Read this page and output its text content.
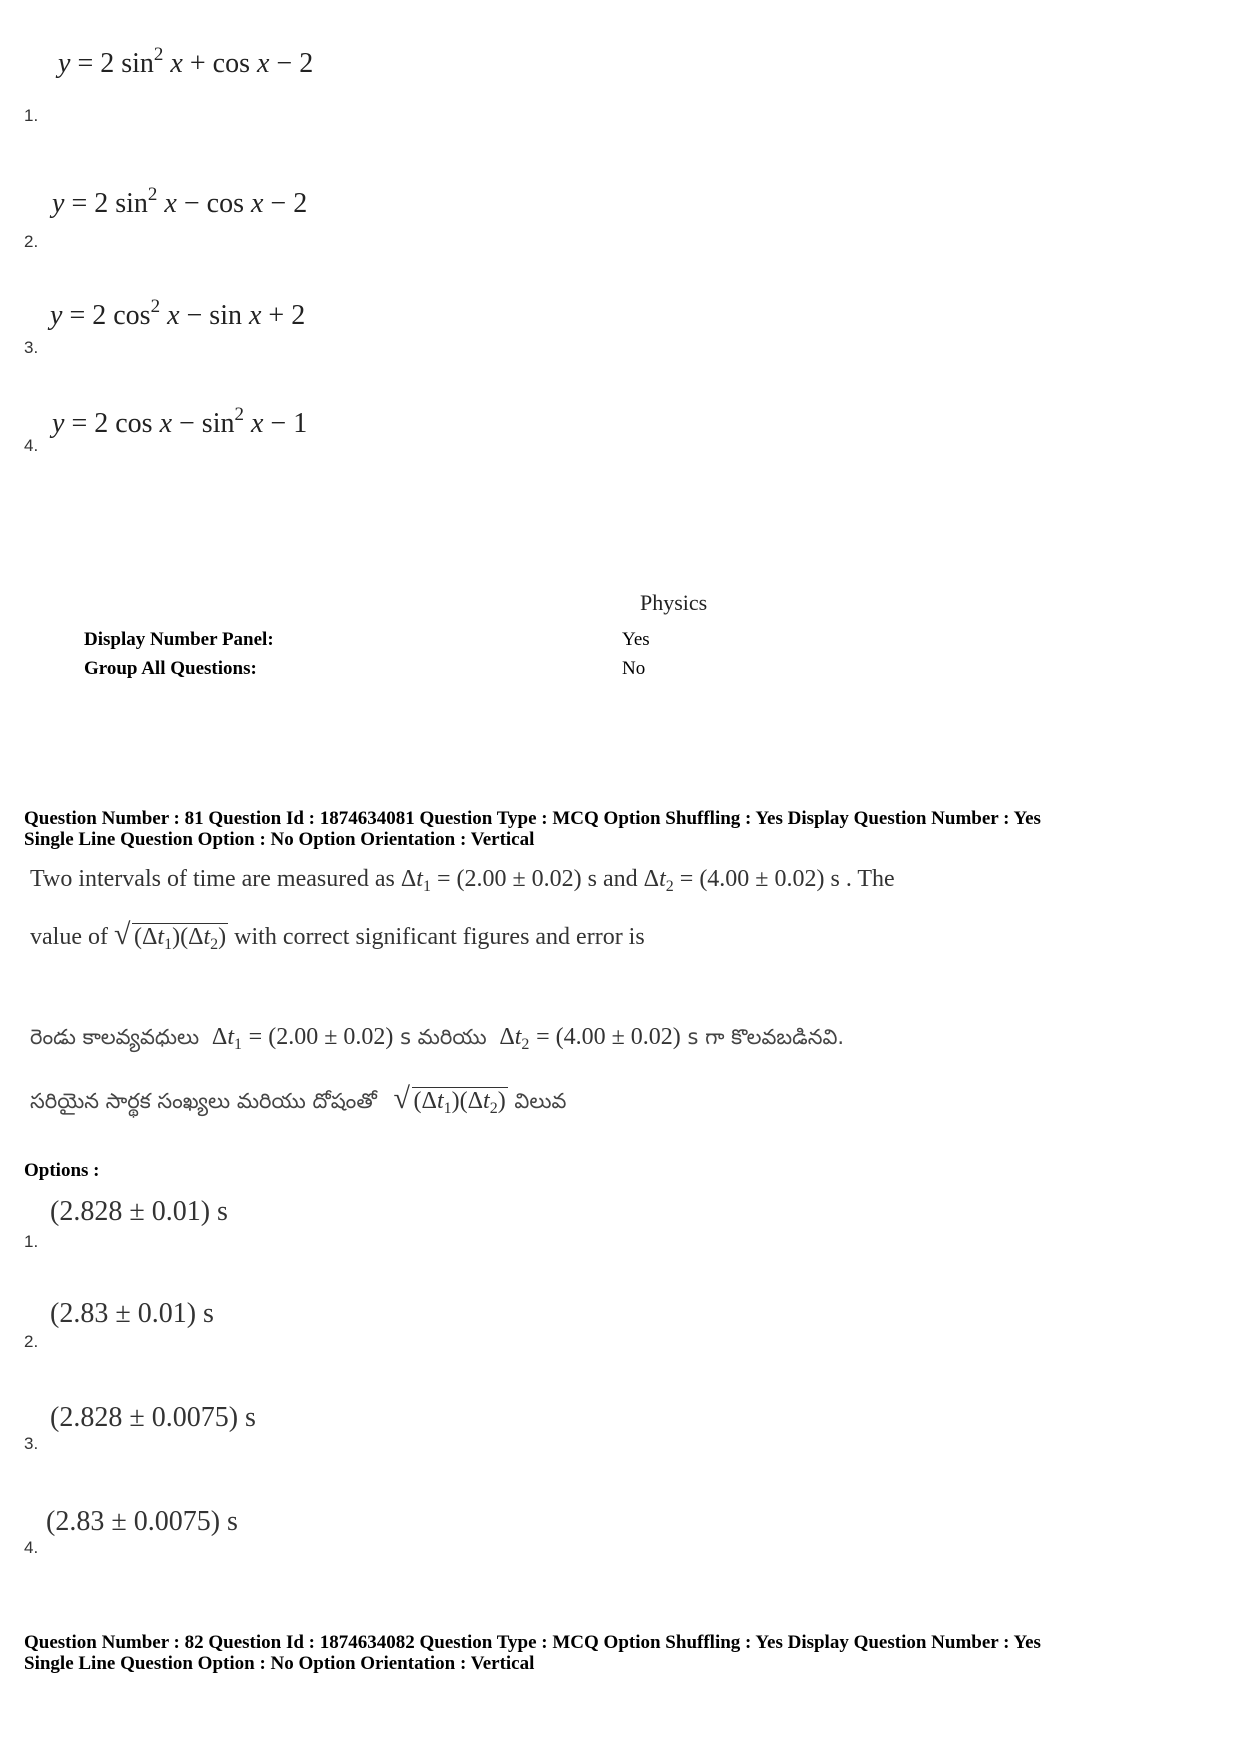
y = 2 $\sin^2 x + \cos x - 2$
1.
y = 2 $\sin^2 x - \cos x - 2$
2.
y = 2 $\cos^2 x - \sin x + 2$
3.
y = 2 $\cos x - \sin^2 x - 1$
4.
Physics
Display Number Panel:	Yes
Group All Questions:	No
Question Number : 81 Question Id : 1874634081 Question Type : MCQ Option Shuffling : Yes Display Question Number : Yes
Single Line Question Option : No Option Orientation : Vertical
Two intervals of time are measured as $\Delta t_1 = (2.00 \pm 0.02)$ s and $\Delta t_2 = (4.00 \pm 0.02)$ s . The
value of √ $(\Delta t_1)(\Delta t_2)$ with correct significant figures and error is
రెండు కాలవ్యవధులు  $\Delta t_1 = (2.00 \pm 0.02)$ s మరియు  $\Delta t_2 = (4.00 \pm 0.02)$ s గా కొలవబడినవి.
సరియైన సార్థక సంఖ్యలు మరియు దోషంతో √ $(\Delta t_1)(\Delta t_2)$ విలువ
Options :
(2.828 ± 0.01) s
1.
(2.83 ± 0.01) s
2.
(2.828 ± 0.0075) s
3.
(2.83 ± 0.0075) s
4.
Question Number : 82 Question Id : 1874634082 Question Type : MCQ Option Shuffling : Yes Display Question Number : Yes
Single Line Question Option : No Option Orientation : Vertical
